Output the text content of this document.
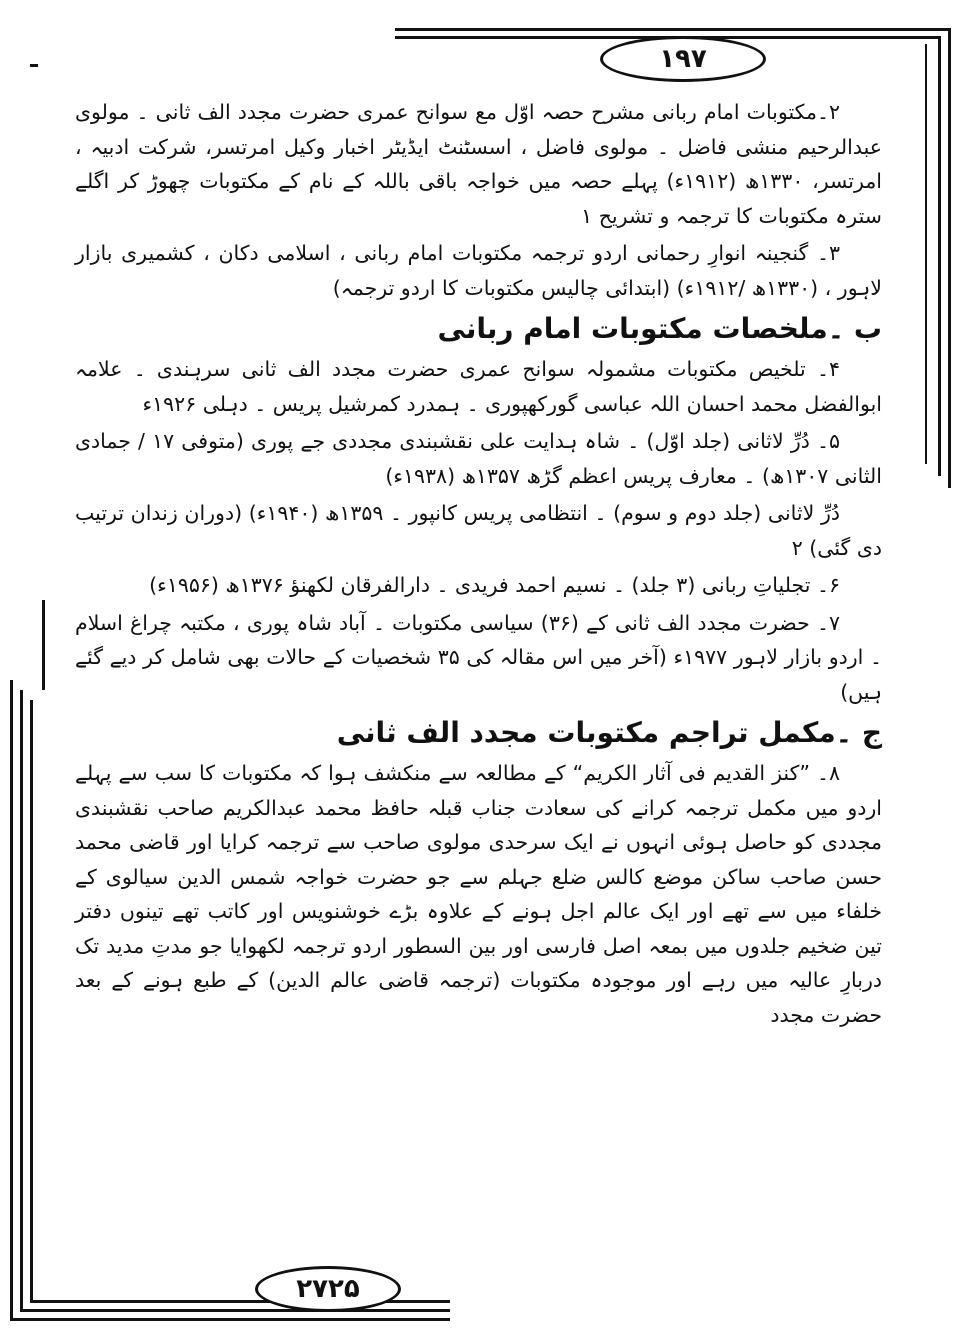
۱۹۷
۲۷۲۵

۲۔مکتوبات امام ربانی مشرح حصہ اوّل مع سوانح عمری حضرت مجدد الف ثانی ۔ مولوی عبدالرحیم منشی فاضل ۔ مولوی فاضل ، اسسٹنٹ ایڈیٹر اخبار وکیل امرتسر، شرکت ادبیہ ، امرتسر، ۱۳۳۰ھ (۱۹۱۲ء) پہلے حصہ میں خواجہ باقی باللہ کے نام کے مکتوبات چھوڑ کر اگلے سترہ مکتوبات کا ترجمہ و تشریح ۱

۳۔ گنجینہ انوارِ رحمانی اردو ترجمہ مکتوبات امام ربانی ، اسلامی دکان ، کشمیری بازار لاہور ، (۱۳۳۰ھ /۱۹۱۲ء) (ابتدائی چالیس مکتوبات کا اردو ترجمہ)

ب ۔ملخصات مکتوبات امام ربانی

۴۔ تلخیص مکتوبات مشمولہ سوانح عمری حضرت مجدد الف ثانی سرہندی ۔ علامہ ابوالفضل محمد احسان اللہ عباسی گورکھپوری ۔ ہمدرد کمرشیل پریس ۔ دہلی ۱۹۲۶ء

۵۔ دُرِّ لاثانی (جلد اوّل) ۔ شاہ ہدایت علی نقشبندی مجددی جے پوری (متوفی ۱۷ / جمادی الثانی ۱۳۰۷ھ) ۔ معارف پریس اعظم گڑھ ۱۳۵۷ھ (۱۹۳۸ء)

دُرِّ لاثانی (جلد دوم و سوم) ۔ انتظامی پریس کانپور ۔ ۱۳۵۹ھ (۱۹۴۰ء) (دوران زندان ترتیب دی گئی) ۲

۶۔ تجلیاتِ ربانی (۳ جلد) ۔ نسیم احمد فریدی ۔ دارالفرقان لکھنؤ ۱۳۷۶ھ (۱۹۵۶ء)

۷۔ حضرت مجدد الف ثانی کے (۳۶) سیاسی مکتوبات ۔ آباد شاہ پوری ، مکتبہ چراغ اسلام ۔ اردو بازار لاہور ۱۹۷۷ء (آخر میں اس مقالہ کی ۳۵ شخصیات کے حالات بھی شامل کر دیے گئے ہیں)

ج ۔مکمل تراجم مکتوبات مجدد الف ثانی

۸۔ ”کنز القدیم فی آثار الکریم“ کے مطالعہ سے منکشف ہوا کہ مکتوبات کا سب سے پہلے اردو میں مکمل ترجمہ کرانے کی سعادت جناب قبلہ حافظ محمد عبدالکریم صاحب نقشبندی مجددی کو حاصل ہوئی انہوں نے ایک سرحدی مولوی صاحب سے ترجمہ کرایا اور قاضی محمد حسن صاحب ساکن موضع کالس ضلع جہلم سے جو حضرت خواجہ شمس الدین سیالوی کے خلفاء میں سے تھے اور ایک عالم اجل ہونے کے علاوہ بڑے خوشنویس اور کاتب تھے تینوں دفتر تین ضخیم جلدوں میں بمعہ اصل فارسی اور بین السطور اردو ترجمہ لکھوایا جو مدتِ مدید تک دربارِ عالیہ میں رہے اور موجودہ مکتوبات (ترجمہ قاضی عالم الدین) کے طبع ہونے کے بعد حضرت مجدد
